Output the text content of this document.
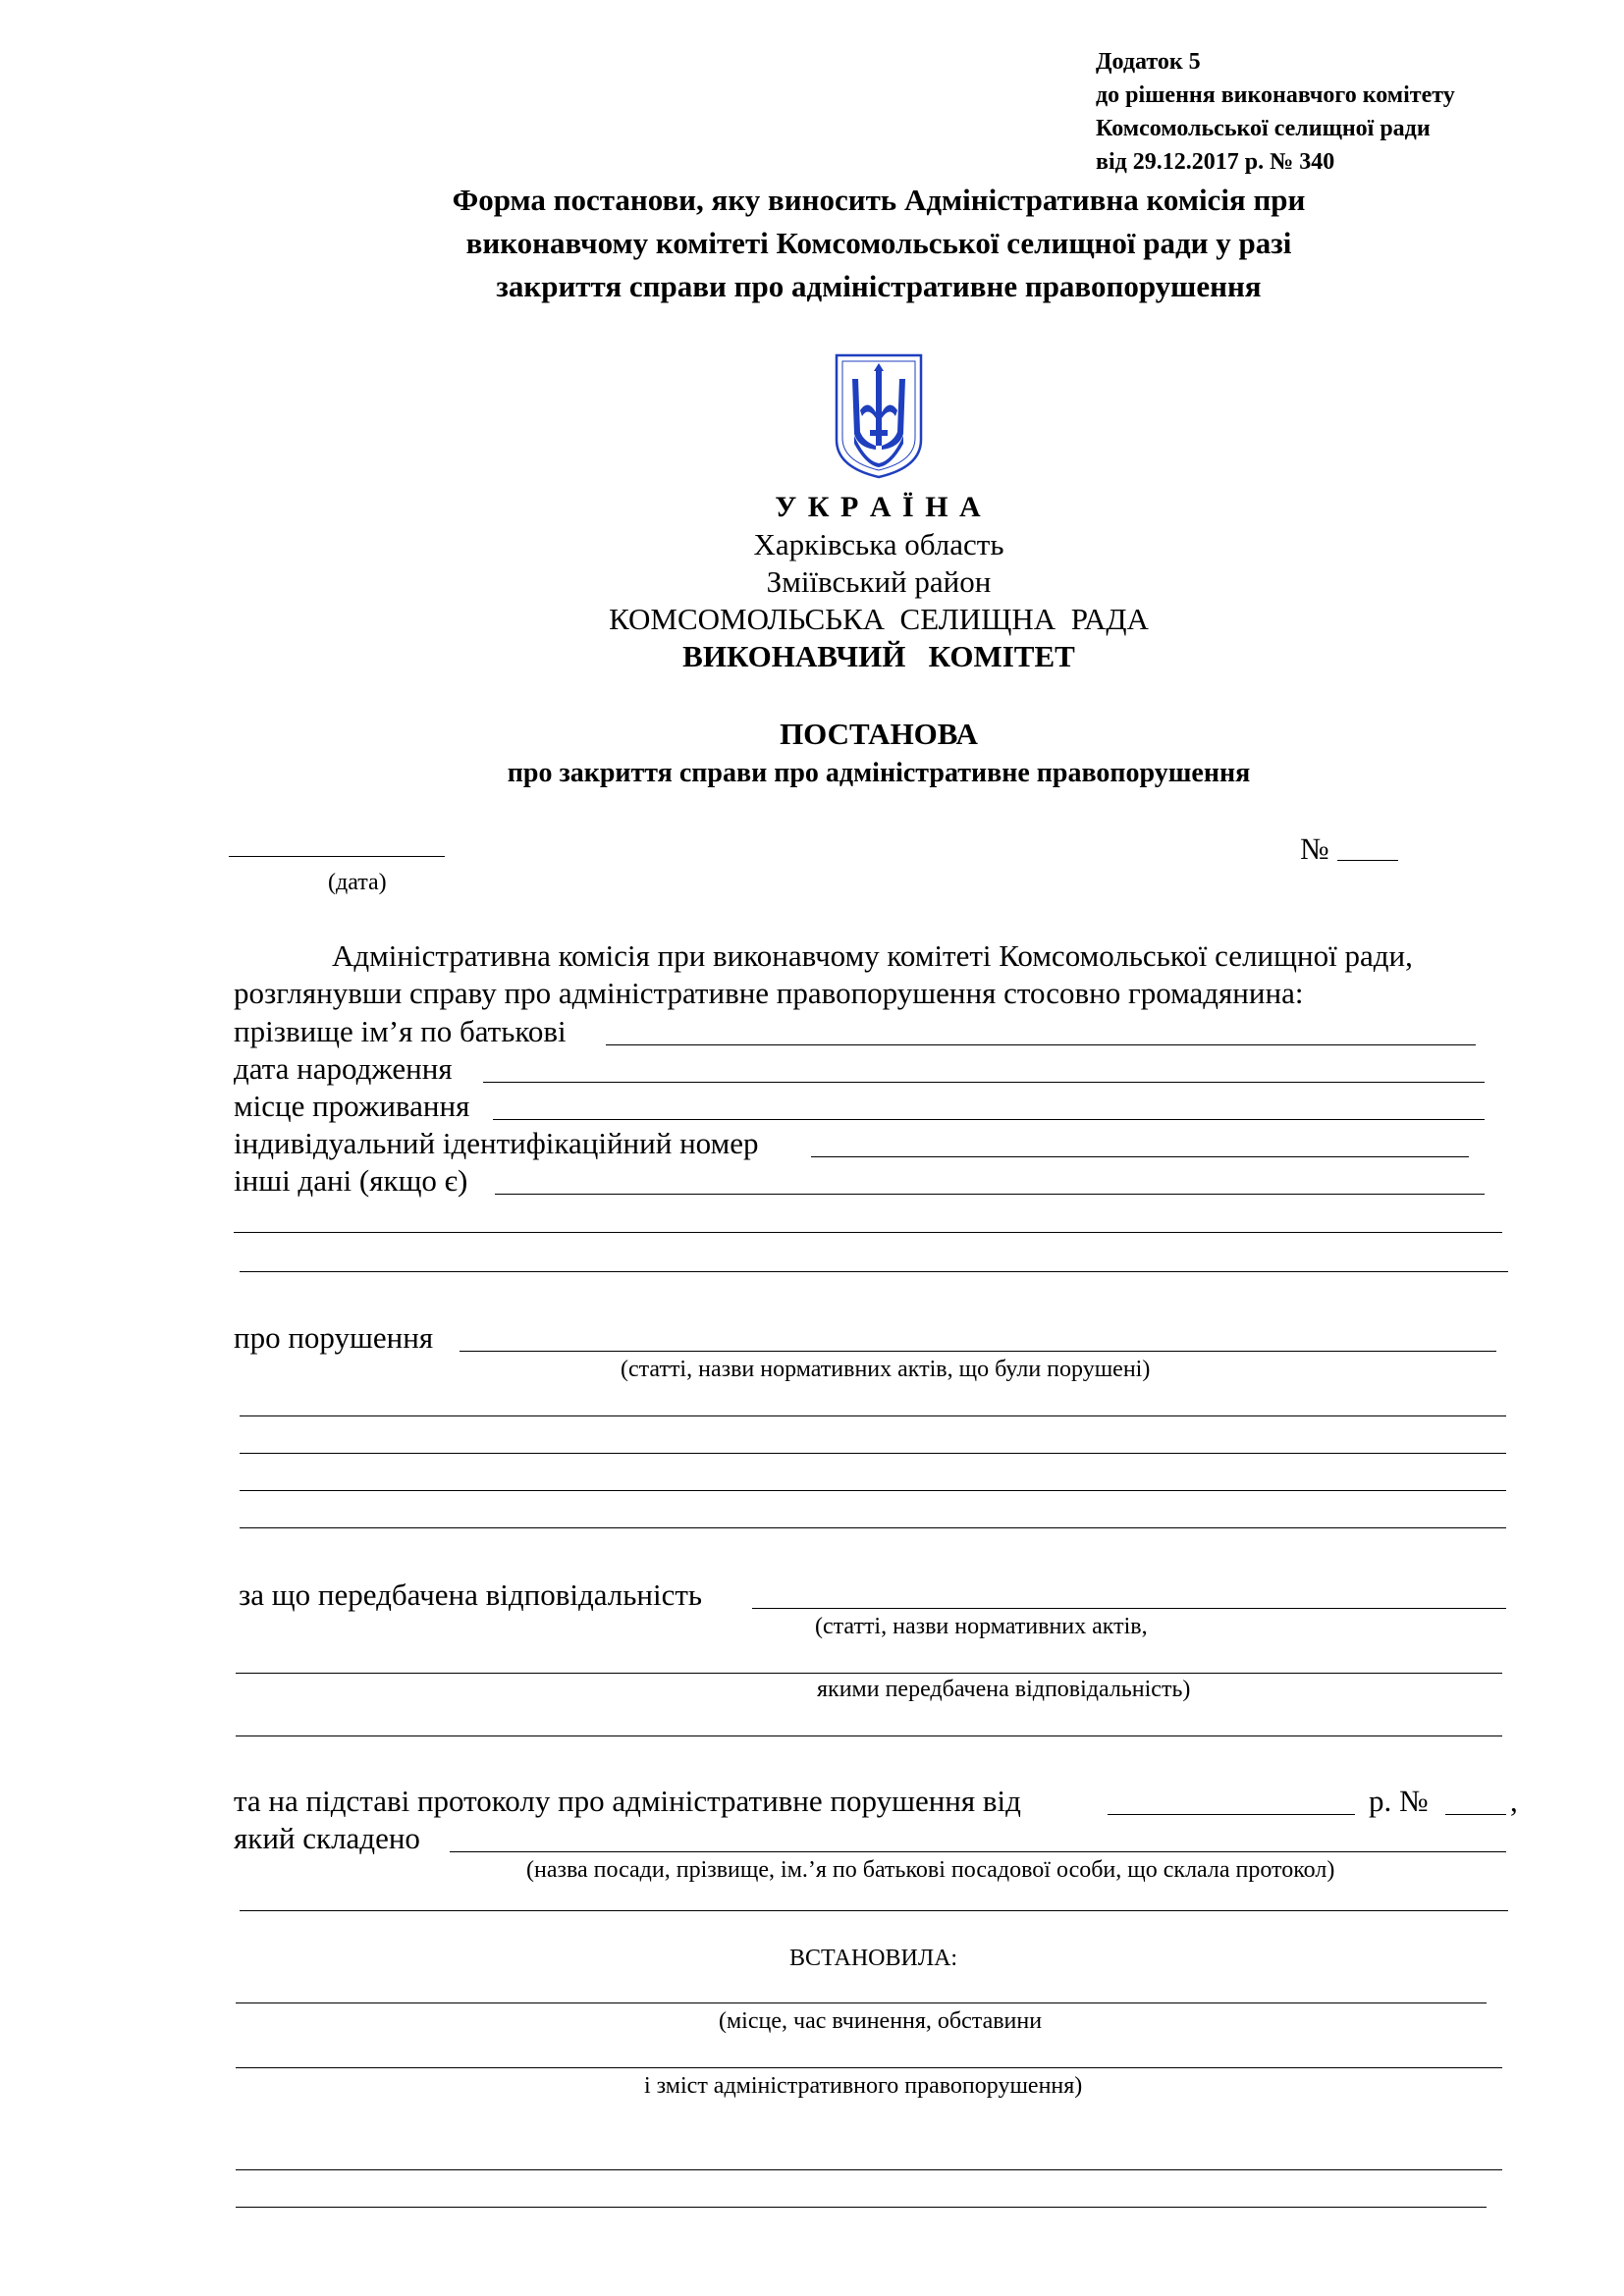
Додаток 5
до рішення виконавчого комітету
Комсомольської селищної ради
від 29.12.2017 р. № 340
Форма постанови, яку виносить Адміністративна комісія при
виконавчому комітеті Комсомольської селищної ради у разі
закриття справи про адміністративне правопорушення
У К Р А Ї Н А
Харківська область
Зміївський район
КОМСОМОЛЬСЬКА  СЕЛИЩНА  РАДА
ВИКОНАВЧИЙ   КОМІТЕТ
ПОСТАНОВА
про закриття справи про адміністративне правопорушення
(дата)
№
Адміністративна комісія при виконавчому комітеті Комсомольської селищної ради,
розглянувши справу про адміністративне правопорушення стосовно громадянина:
прізвище ім’я по батькові
дата народження
місце проживання
індивідуальний ідентифікаційний номер
інші дані (якщо є)
про порушення
(статті, назви нормативних актів, що були порушені)
за що передбачена відповідальність
(статті, назви нормативних актів,
якими передбачена відповідальність)
та на підставі протоколу про адміністративне порушення від	р. №	,
який складено
(назва посади, прізвище, ім.’я по батькові посадової особи, що склала протокол)
ВСТАНОВИЛА:
(місце, час вчинення, обставини
і зміст адміністративного правопорушення)
